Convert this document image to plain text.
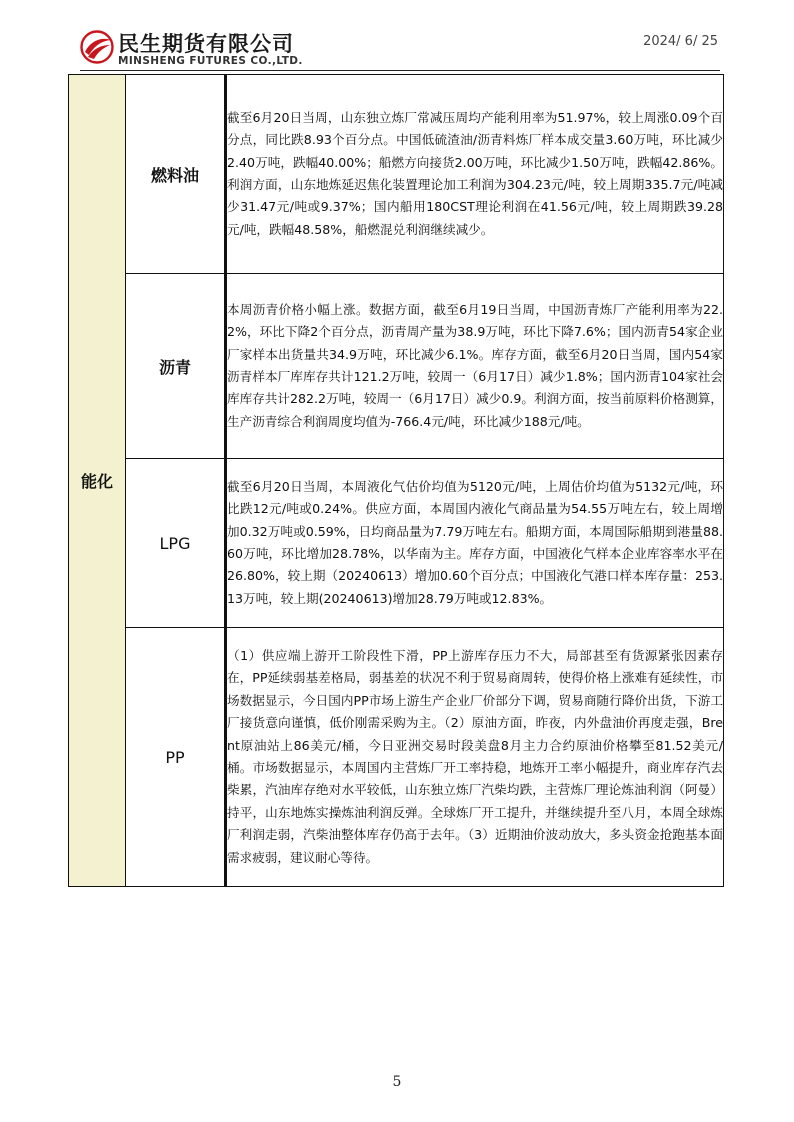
民生期货有限公司
MINSHENG FUTURES CO.,LTD.
2024/ 6/ 25
能化	燃料油	截至6月20日当周，山东独立炼厂常减压周均产能利用率为51.97%，较上周涨0.09个百分点，同比跌8.93个百分点。中国低硫渣油/沥青料炼厂样本成交量3.60万吨，环比减少2.40万吨，跌幅40.00%；船燃方向接货2.00万吨，环比减少1.50万吨，跌幅42.86%。利润方面，山东地炼延迟焦化装置理论加工利润为304.23元/吨，较上周期335.7元/吨减少31.47元/吨或9.37%；国内船用180CST理论利润在41.56元/吨，较上周期跌39.28元/吨，跌幅48.58%，船燃混兑利润继续减少。
	沥青	本周沥青价格小幅上涨。数据方面，截至6月19日当周，中国沥青炼厂产能利用率为22.2%，环比下降2个百分点，沥青周产量为38.9万吨，环比下降7.6%；国内沥青54家企业厂家样本出货量共34.9万吨，环比减少6.1%。库存方面，截至6月20日当周，国内54家沥青样本厂库库存共计121.2万吨，较周一（6月17日）减少1.8%；国内沥青104家社会库库存共计282.2万吨，较周一（6月17日）减少0.9。利润方面，按当前原料价格测算，生产沥青综合利润周度均值为-766.4元/吨，环比减少188元/吨。
	LPG	截至6月20日当周，本周液化气估价均值为5120元/吨，上周估价均值为5132元/吨，环比跌12元/吨或0.24%。供应方面，本周国内液化气商品量为54.55万吨左右，较上周增加0.32万吨或0.59%，日均商品量为7.79万吨左右。船期方面，本周国际船期到港量88.60万吨，环比增加28.78%，以华南为主。库存方面，中国液化气样本企业库容率水平在26.80%，较上期（20240613）增加0.60个百分点；中国液化气港口样本库存量：253.13万吨，较上期(20240613)增加28.79万吨或12.83%。
	PP	（1）供应端上游开工阶段性下滑，PP上游库存压力不大，局部甚至有货源紧张因素存在，PP延续弱基差格局，弱基差的状况不利于贸易商周转，使得价格上涨难有延续性，市场数据显示，今日国内PP市场上游生产企业厂价部分下调，贸易商随行降价出货，下游工厂接货意向谨慎，低价刚需采购为主。（2）原油方面，昨夜，内外盘油价再度走强，Brent原油站上86美元/桶，今日亚洲交易时段美盘8月主力合约原油价格攀至81.52美元/桶。市场数据显示，本周国内主营炼厂开工率持稳，地炼开工率小幅提升，商业库存汽去柴累，汽油库存绝对水平较低，山东独立炼厂汽柴均跌，主营炼厂理论炼油利润（阿曼）持平，山东地炼实操炼油利润反弹。全球炼厂开工提升，并继续提升至八月，本周全球炼厂利润走弱，汽柴油整体库存仍高于去年。（3）近期油价波动放大，多头资金抢跑基本面需求疲弱，建议耐心等待。
5
